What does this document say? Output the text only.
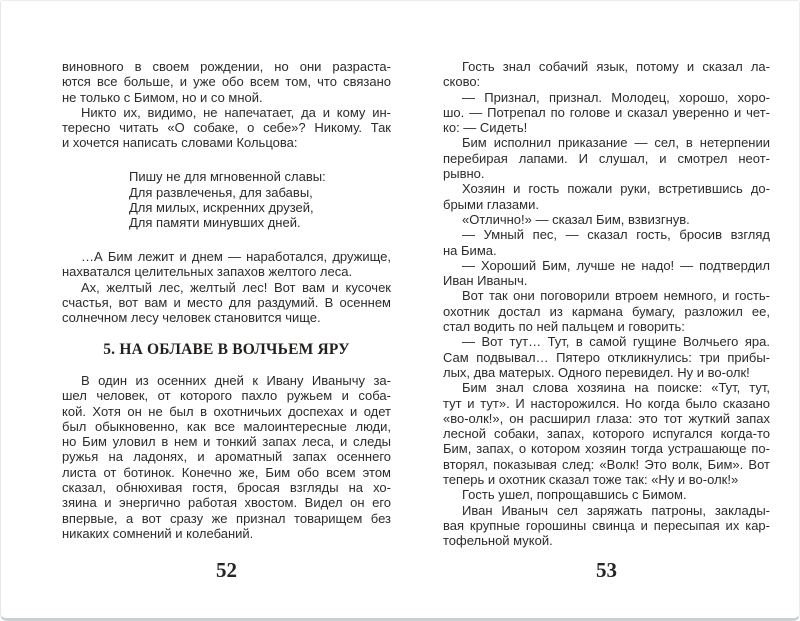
виновного в своем рождении, но они разраста-
ются все больше, и уже обо всем том, что связано
не только с Бимом, но и со мной.
Никто их, видимо, не напечатает, да и кому ин-
тересно читать «О собаке, о себе»? Никому. Так
и хочется написать словами Кольцова:
Пишу не для мгновенной славы:
Для развлеченья, для забавы,
Для милых, искренних друзей,
Для памяти минувших дней.
…А Бим лежит и днем — наработался, дружище,
нахватался целительных запахов желтого леса.
Ах, желтый лес, желтый лес! Вот вам и кусочек
счастья, вот вам и место для раздумий. В осеннем
солнечном лесу человек становится чище.
5. НА ОБЛАВЕ В ВОЛЧЬЕМ ЯРУ
В один из осенних дней к Ивану Иванычу за-
шел человек, от которого пахло ружьем и соба-
кой. Хотя он не был в охотничьих доспехах и одет
был обыкновенно, как все малоинтересные люди,
но Бим уловил в нем и тонкий запах леса, и следы
ружья на ладонях, и ароматный запах осеннего
листа от ботинок. Конечно же, Бим обо всем этом
сказал, обнюхивая гостя, бросая взгляды на хо-
зяина и энергично работая хвостом. Видел он его
впервые, а вот сразу же признал товарищем без
никаких сомнений и колебаний.
Гость знал собачий язык, потому и сказал ла-
сково:
— Признал, признал. Молодец, хорошо, хоро-
шо. — Потрепал по голове и сказал уверенно и чет-
ко: — Сидеть!
Бим исполнил приказание — сел, в нетерпении
перебирая лапами. И слушал, и смотрел неот-
рывно.
Хозяин и гость пожали руки, встретившись до-
брыми глазами.
«Отлично!» — сказал Бим, взвизгнув.
— Умный пес, — сказал гость, бросив взгляд
на Бима.
— Хороший Бим, лучше не надо! — подтвердил
Иван Иваныч.
Вот так они поговорили втроем немного, и гость-
охотник достал из кармана бумагу, разложил ее,
стал водить по ней пальцем и говорить:
— Вот тут… Тут, в самой гущине Волчьего яра.
Сам подвывал… Пятеро откликнулись: три прибы-
лых, два матерых. Одного перевидел. Ну и во-олк!
Бим знал слова хозяина на поиске: «Тут, тут,
тут и тут». И насторожился. Но когда было сказано
«во-олк!», он расширил глаза: это тот жуткий запах
лесной собаки, запах, которого испугался когда-то
Бим, запах, о котором хозяин тогда устрашающе по-
вторял, показывая след: «Волк! Это волк, Бим». Вот
теперь и охотник сказал тоже так: «Ну и во-олк!»
Гость ушел, попрощавшись с Бимом.
Иван Иваныч сел заряжать патроны, заклады-
вая крупные горошины свинца и пересыпая их кар-
тофельной мукой.
52	53
